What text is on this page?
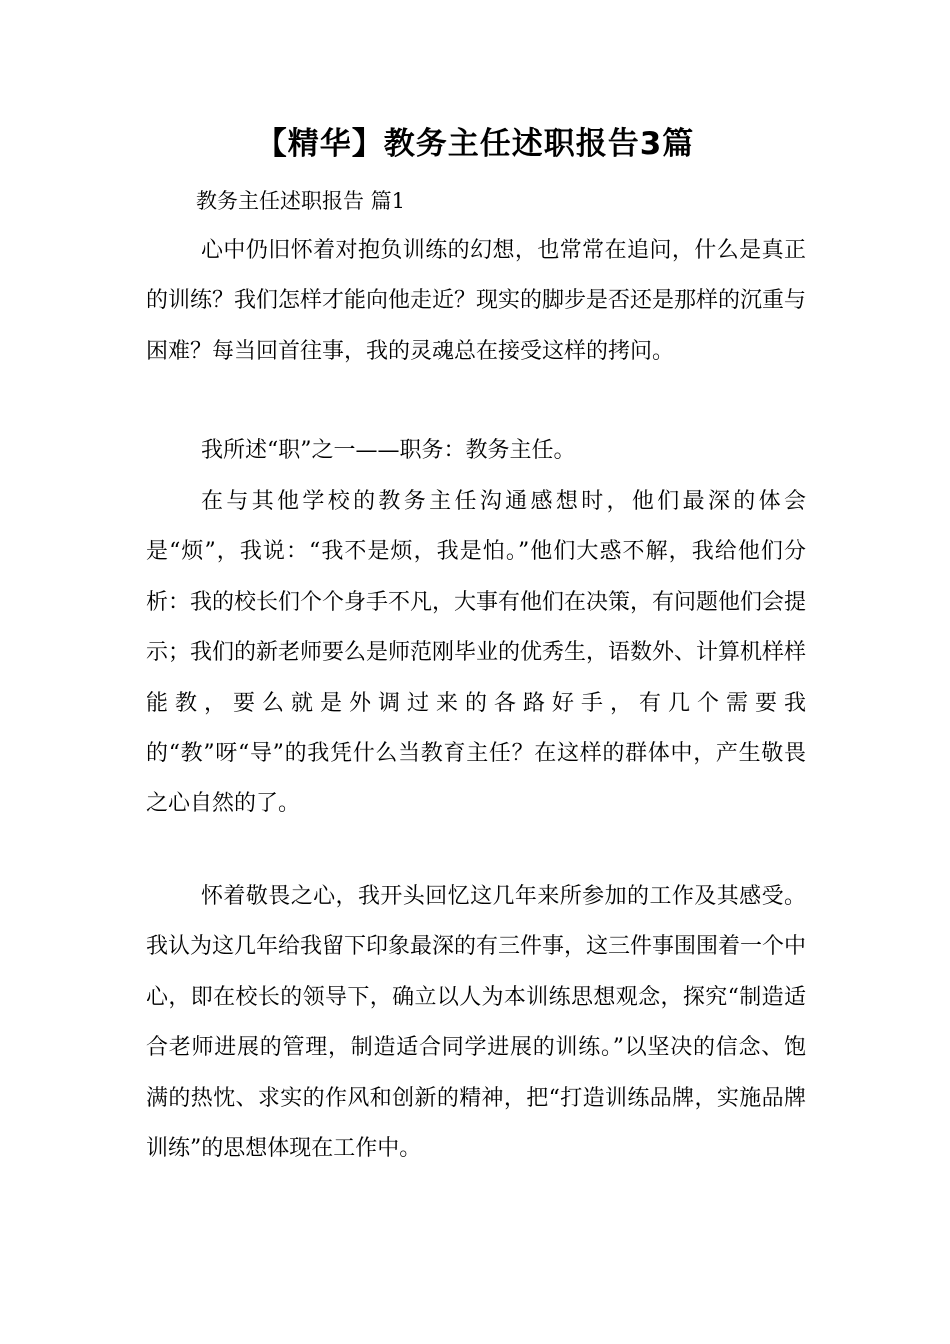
【精华】教务主任述职报告3篇
教务主任述职报告 篇1
心中仍旧怀着对抱负训练的幻想，也常常在追问，什么是真正的训练？我们怎样才能向他走近？现实的脚步是否还是那样的沉重与困难？每当回首往事，我的灵魂总在接受这样的拷问。
我所述“职”之一——职务：教务主任。
在与其他学校的教务主任沟通感想时，他们最深的体会是“烦”，我说：“我不是烦，我是怕。”他们大惑不解，我给他们分析：我的校长们个个身手不凡，大事有他们在决策，有问题他们会提示；我们的新老师要么是师范刚毕业的优秀生，语数外、计算机样样能教，要么就是外调过来的各路好手，有几个需要我的“教”呀“导”的我凭什么当教育主任？在这样的群体中，产生敬畏之心自然的了。
怀着敬畏之心，我开头回忆这几年来所参加的工作及其感受。我认为这几年给我留下印象最深的有三件事，这三件事围围着一个中心，即在校长的领导下，确立以人为本训练思想观念，探究“制造适合老师进展的管理，制造适合同学进展的训练。”以坚决的信念、饱满的热忱、求实的作风和创新的精神，把“打造训练品牌，实施品牌训练”的思想体现在工作中。
